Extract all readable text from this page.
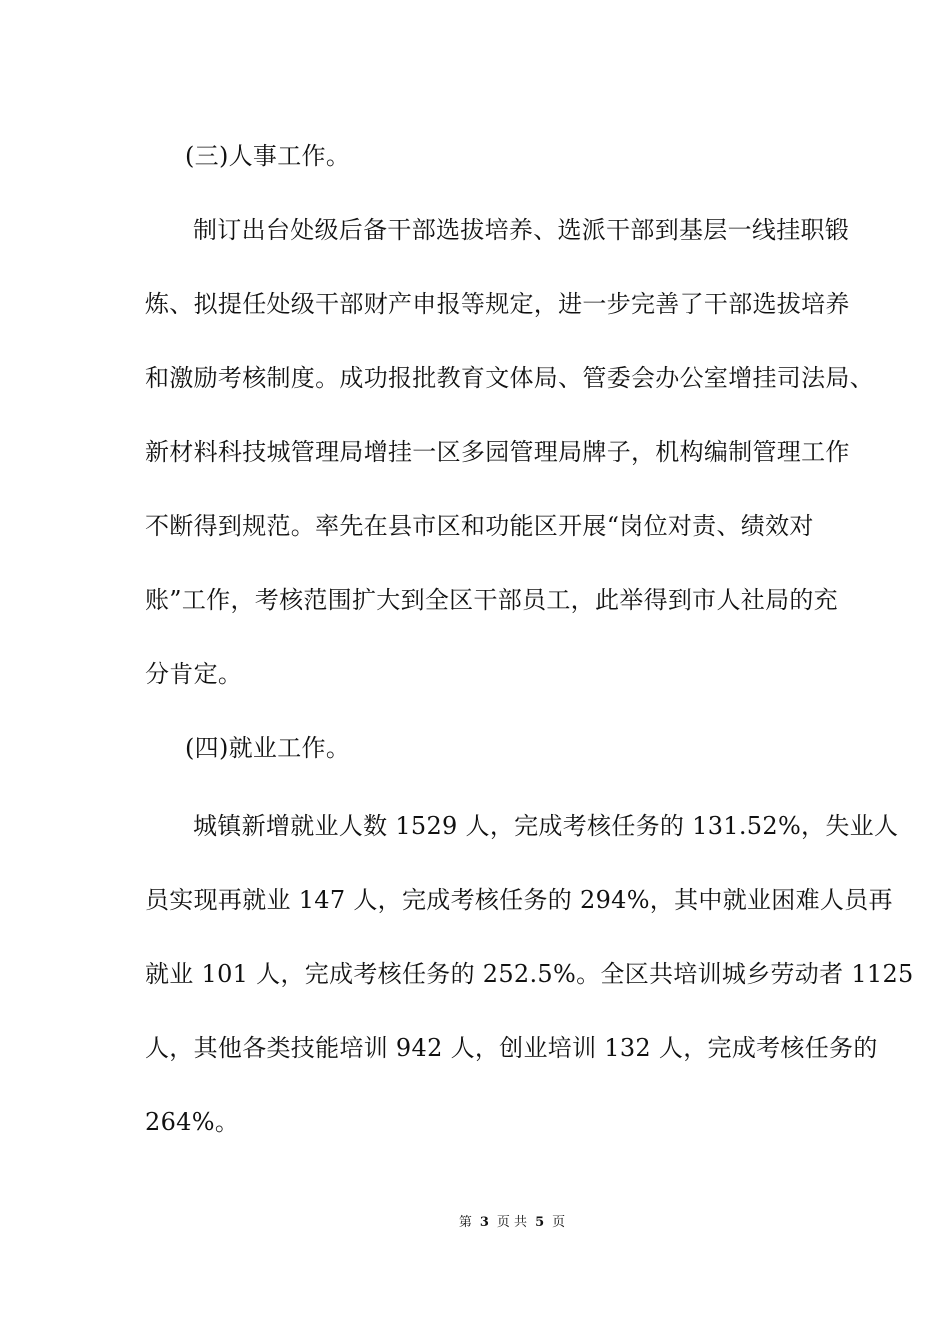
(三)人事工作。
制订出台处级后备干部选拔培养、选派干部到基层一线挂职锻
炼、拟提任处级干部财产申报等规定，进一步完善了干部选拔培养
和激励考核制度。成功报批教育文体局、管委会办公室增挂司法局、
新材料科技城管理局增挂一区多园管理局牌子，机构编制管理工作
不断得到规范。率先在县市区和功能区开展“岗位对责、绩效对
账”工作，考核范围扩大到全区干部员工，此举得到市人社局的充
分肯定。
(四)就业工作。
城镇新增就业人数 1529 人，完成考核任务的 131.52%，失业人
员实现再就业 147 人，完成考核任务的 294%，其中就业困难人员再
就业 101 人，完成考核任务的 252.5%。全区共培训城乡劳动者 1125
人，其他各类技能培训 942 人，创业培训 132 人，完成考核任务的
264%。
第 3 页 共 5 页
